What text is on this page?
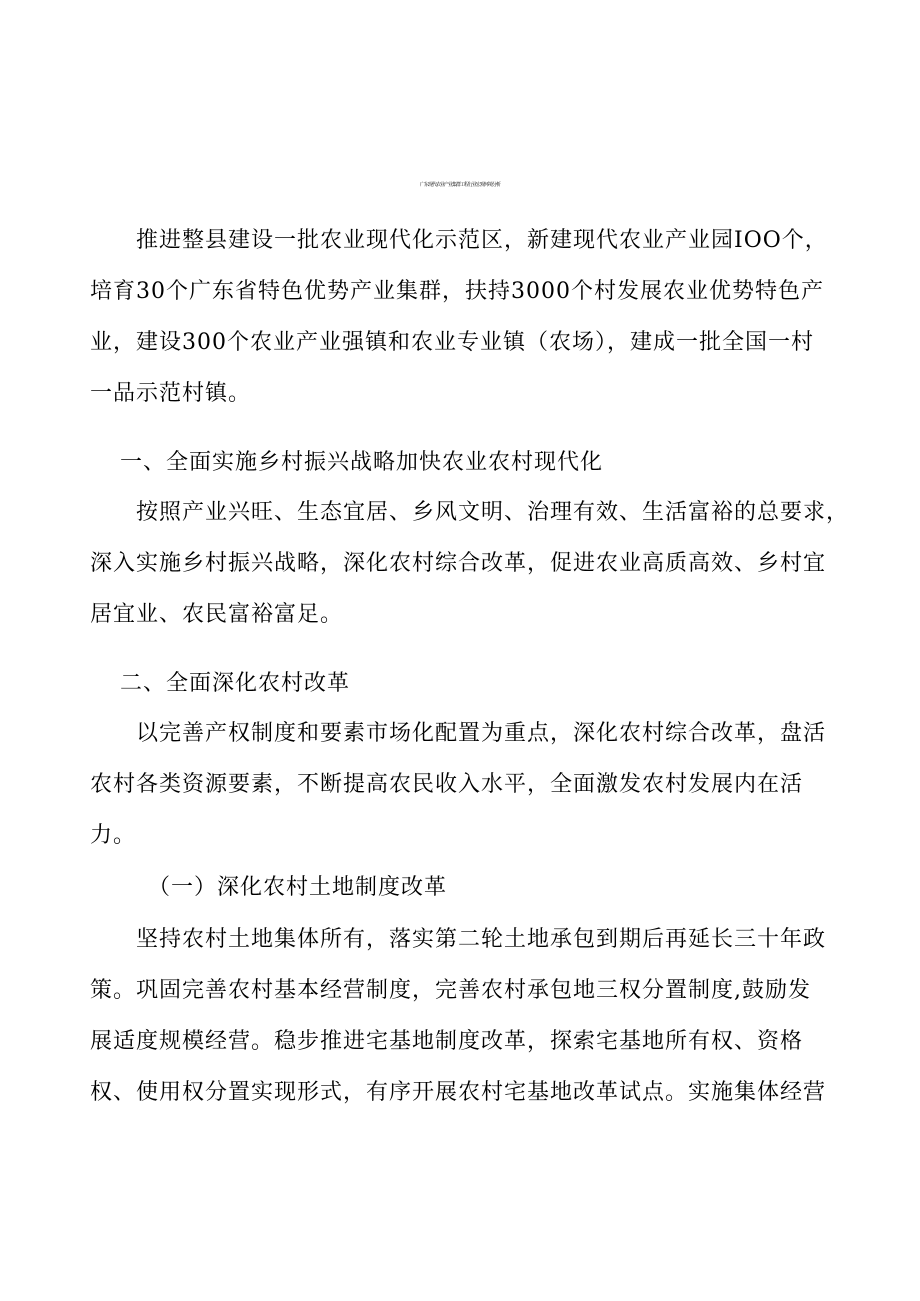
广东现代农业产业集群工程行业宏观环境分析
推进整县建设一批农业现代化示范区，新建现代农业产业园IOO个，
培育30个广东省特色优势产业集群，扶持3000个村发展农业优势特色产
业，建设300个农业产业强镇和农业专业镇（农场），建成一批全国一村
一品示范村镇。
一、全面实施乡村振兴战略加快农业农村现代化
按照产业兴旺、生态宜居、乡风文明、治理有效、生活富裕的总要求，
深入实施乡村振兴战略，深化农村综合改革，促进农业高质高效、乡村宜
居宜业、农民富裕富足。
二、全面深化农村改革
以完善产权制度和要素市场化配置为重点，深化农村综合改革，盘活
农村各类资源要素，不断提高农民收入水平，全面激发农村发展内在活
力。
（一）深化农村土地制度改革
坚持农村土地集体所有，落实第二轮土地承包到期后再延长三十年政
策。巩固完善农村基本经营制度，完善农村承包地三权分置制度,鼓励发
展适度规模经营。稳步推进宅基地制度改革，探索宅基地所有权、资格
权、使用权分置实现形式，有序开展农村宅基地改革试点。实施集体经营
